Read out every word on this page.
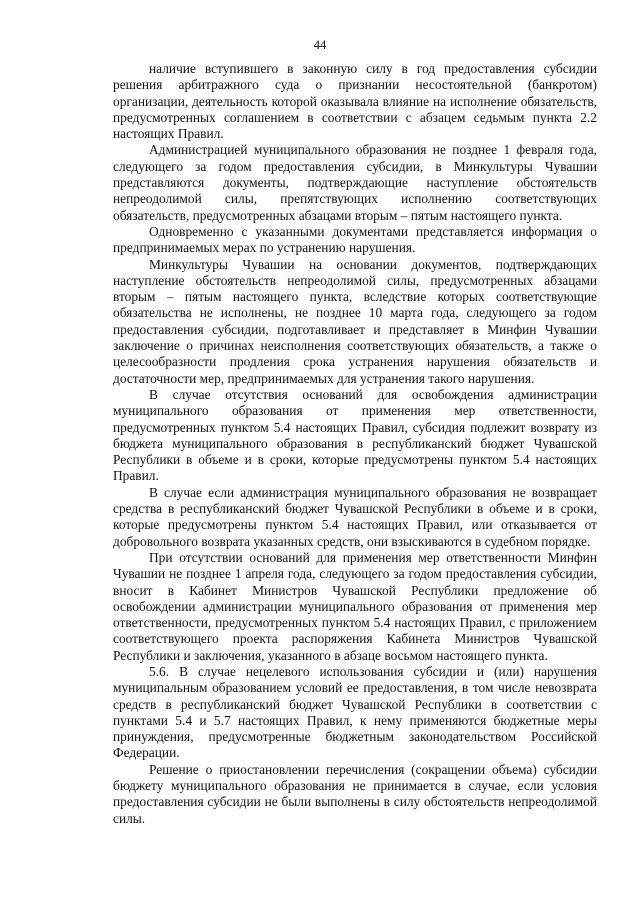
44

наличие вступившего в законную силу в год предоставления субсидии решения арбитражного суда о признании несостоятельной (банкротом) организации, деятельность которой оказывала влияние на исполнение обязательств, предусмотренных соглашением в соответствии с абзацем седьмым пункта 2.2 настоящих Правил.

Администрацией муниципального образования не позднее 1 февраля года, следующего за годом предоставления субсидии, в Минкультуры Чувашии представляются документы, подтверждающие наступление обстоятельств непреодолимой силы, препятствующих исполнению соответствующих обязательств, предусмотренных абзацами вторым – пятым настоящего пункта.

Одновременно с указанными документами представляется информация о предпринимаемых мерах по устранению нарушения.

Минкультуры Чувашии на основании документов, подтверждающих наступление обстоятельств непреодолимой силы, предусмотренных абзацами вторым – пятым настоящего пункта, вследствие которых соответствующие обязательства не исполнены, не позднее 10 марта года, следующего за годом предоставления субсидии, подготавливает и представляет в Минфин Чувашии заключение о причинах неисполнения соответствующих обязательств, а также о целесообразности продления срока устранения нарушения обязательств и достаточности мер, предпринимаемых для устранения такого нарушения.

В случае отсутствия оснований для освобождения администрации муниципального образования от применения мер ответственности, предусмотренных пунктом 5.4 настоящих Правил, субсидия подлежит возврату из бюджета муниципального образования в республиканский бюджет Чувашской Республики в объеме и в сроки, которые предусмотрены пунктом 5.4 настоящих Правил.

В случае если администрация муниципального образования не возвращает средства в республиканский бюджет Чувашской Республики в объеме и в сроки, которые предусмотрены пунктом 5.4 настоящих Правил, или отказывается от добровольного возврата указанных средств, они взыскиваются в судебном порядке.

При отсутствии оснований для применения мер ответственности Минфин Чувашии не позднее 1 апреля года, следующего за годом предоставления субсидии, вносит в Кабинет Министров Чувашской Республики предложение об освобождении администрации муниципального образования от применения мер ответственности, предусмотренных пунктом 5.4 настоящих Правил, с приложением соответствующего проекта распоряжения Кабинета Министров Чувашской Республики и заключения, указанного в абзаце восьмом настоящего пункта.

5.6. В случае нецелевого использования субсидии и (или) нарушения муниципальным образованием условий ее предоставления, в том числе невозврата средств в республиканский бюджет Чувашской Республики в соответствии с пунктами 5.4 и 5.7 настоящих Правил, к нему применяются бюджетные меры принуждения, предусмотренные бюджетным законодательством Российской Федерации.

Решение о приостановлении перечисления (сокращении объема) субсидии бюджету муниципального образования не принимается в случае, если условия предоставления субсидии не были выполнены в силу обстоятельств непреодолимой силы.
